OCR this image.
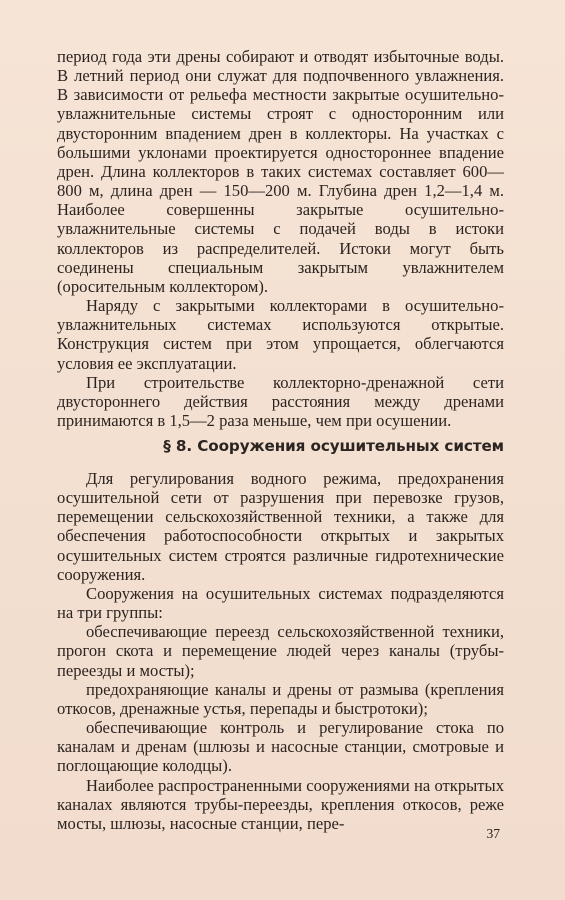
период года эти дрены собирают и отводят избыточные воды. В летний период они служат для подпочвенного увлажнения. В зависимости от рельефа местности закрытые осушительно-увлажнительные системы строят с односторонним или двусторонним впадением дрен в коллекторы. На участках с большими уклонами проектируется одностороннее впадение дрен. Длина коллекторов в таких системах составляет 600—800 м, длина дрен — 150—200 м. Глубина дрен 1,2—1,4 м. Наиболее совершенны закрытые осушительно-увлажнительные системы с подачей воды в истоки коллекторов из распределителей. Истоки могут быть соединены специальным закрытым увлажнителем (оросительным коллектором).

Наряду с закрытыми коллекторами в осушительно-увлажнительных системах используются открытые. Конструкция систем при этом упрощается, облегчаются условия ее эксплуатации.

При строительстве коллекторно-дренажной сети двустороннего действия расстояния между дренами принимаются в 1,5—2 раза меньше, чем при осушении.

§ 8. Сооружения осушительных систем

Для регулирования водного режима, предохранения осушительной сети от разрушения при перевозке грузов, перемещении сельскохозяйственной техники, а также для обеспечения работоспособности открытых и закрытых осушительных систем строятся различные гидротехнические сооружения.

Сооружения на осушительных системах подразделяются на три группы:

обеспечивающие переезд сельскохозяйственной техники, прогон скота и перемещение людей через каналы (трубы-переезды и мосты);

предохраняющие каналы и дрены от размыва (крепления откосов, дренажные устья, перепады и быстротоки);

обеспечивающие контроль и регулирование стока по каналам и дренам (шлюзы и насосные станции, смотровые и поглощающие колодцы).

Наиболее распространенными сооружениями на открытых каналах являются трубы-переезды, крепления откосов, реже мосты, шлюзы, насосные станции, пере-

37
